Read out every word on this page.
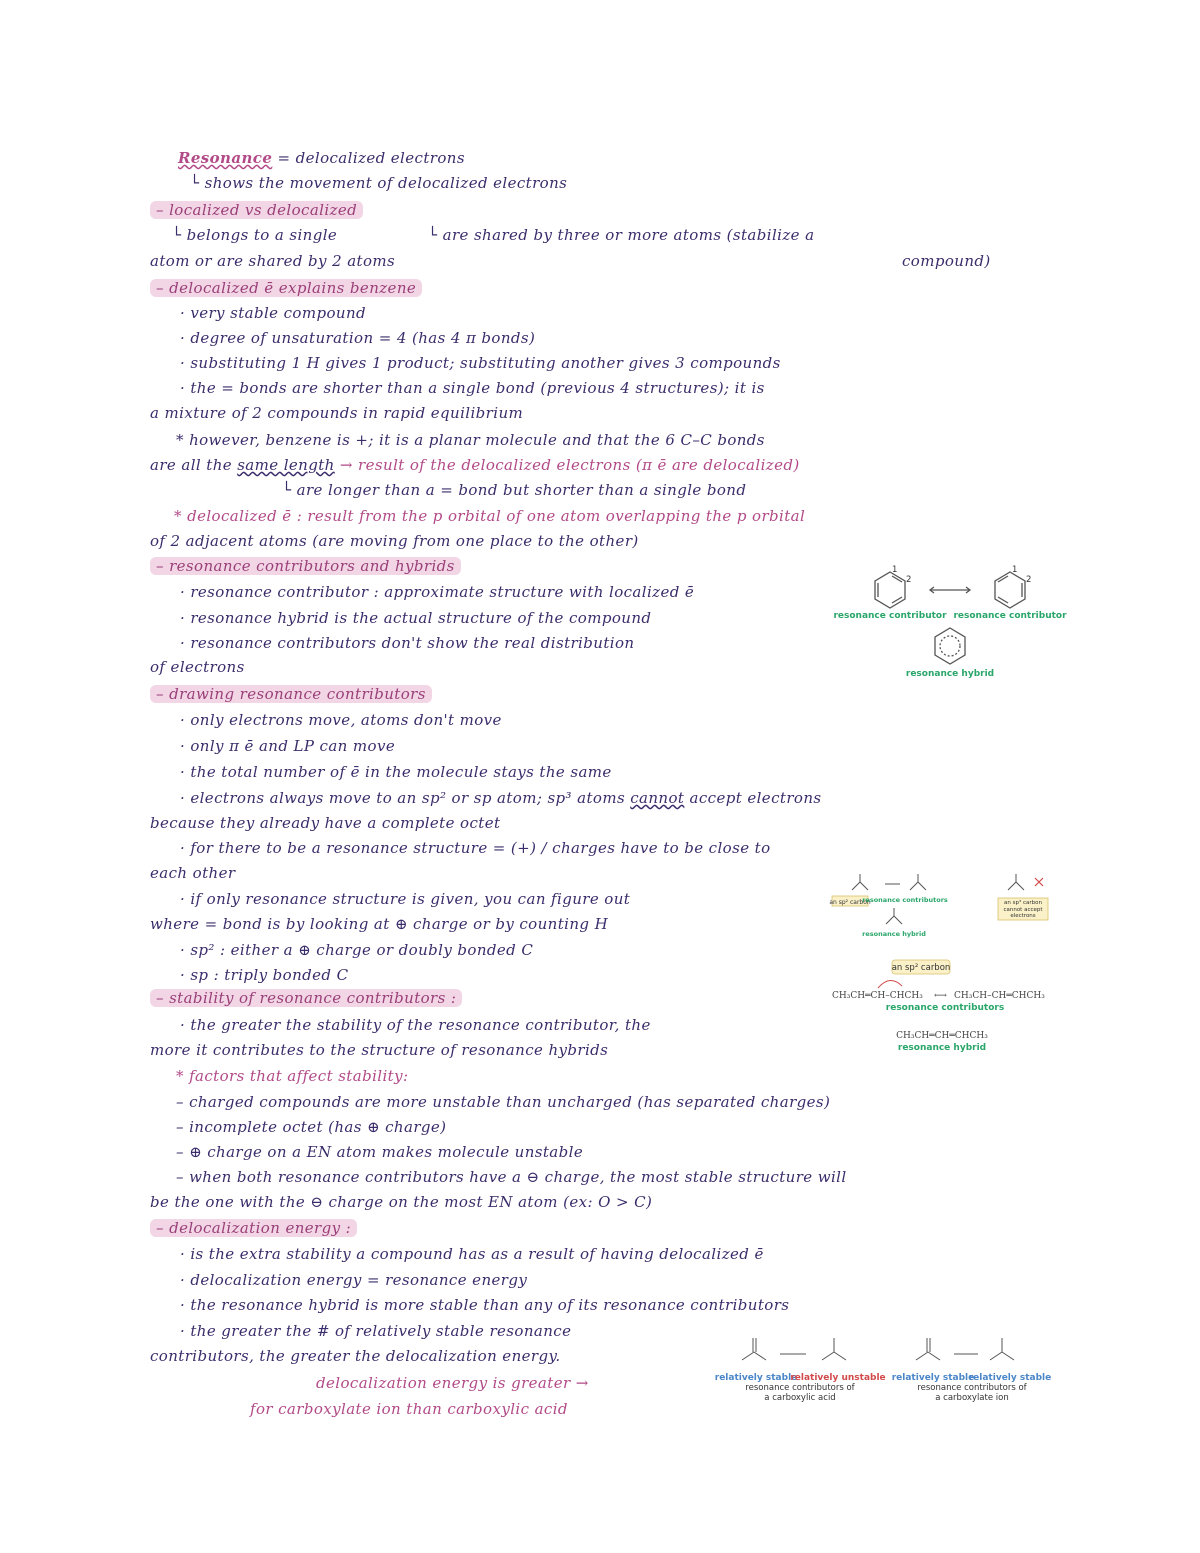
Resonance = delocalized electrons
└ shows the movement of delocalized electrons
– localized vs delocalized
└ belongs to a single	└ are shared by three or more atoms (stabilize a
atom or are shared by 2 atoms	compound)
– delocalized ē explains benzene
· very stable compound
· degree of unsaturation = 4 (has 4 π bonds)
· substituting 1 H gives 1 product; substituting another gives 3 compounds
· the = bonds are shorter than a single bond (previous 4 structures); it is
a mixture of 2 compounds in rapid equilibrium
* however, benzene is +; it is a planar molecule and that the 6 C–C bonds
are all the same length → result of the delocalized electrons (π ē are delocalized)
└ are longer than a = bond but shorter than a single bond
* delocalized ē : result from the p orbital of one atom overlapping the p orbital
of 2 adjacent atoms (are moving from one place to the other)
– resonance contributors and hybrids
· resonance contributor : approximate structure with localized ē
· resonance hybrid is the actual structure of the compound
· resonance contributors don't show the real distribution
of electrons
– drawing resonance contributors
· only electrons move, atoms don't move
· only π ē and LP can move
· the total number of ē in the molecule stays the same
· electrons always move to an sp² or sp atom; sp³ atoms cannot accept electrons
because they already have a complete octet
· for there to be a resonance structure = (+) / charges have to be close to
each other
· if only resonance structure is given, you can figure out
where = bond is by looking at ⊕ charge or by counting H
· sp² : either a ⊕ charge or doubly bonded C
· sp : triply bonded C
– stability of resonance contributors :
· the greater the stability of the resonance contributor, the
more it contributes to the structure of resonance hybrids
* factors that affect stability:
– charged compounds are more unstable than uncharged (has separated charges)
– incomplete octet (has ⊕ charge)
– ⊕ charge on a EN atom makes molecule unstable
– when both resonance contributors have a ⊖ charge, the most stable structure will
be the one with the ⊖ charge on the most EN atom (ex: O > C)
– delocalization energy :
· is the extra stability a compound has as a result of having delocalized ē
· delocalization energy = resonance energy
· the resonance hybrid is more stable than any of its resonance contributors
· the greater the # of relatively stable resonance
contributors, the greater the delocalization energy.
delocalization energy is greater →
for carboxylate ion than carboxylic acid
1
2
1
2
resonance contributor resonance contributor
resonance hybrid
an sp² carbon
resonance contributors
resonance hybrid
an sp³ carbon cannot accept electrons
an sp² carbon
CH₃CH═CH–CHCH₃ ⟷ CH₃CH–CH═CHCH₃
resonance contributors
CH₃CH═CH═CHCH₃
resonance hybrid
relatively stable
relatively unstable
resonance contributors of
a carboxylic acid
relatively stable
relatively stable
resonance contributors of
a carboxylate ion
